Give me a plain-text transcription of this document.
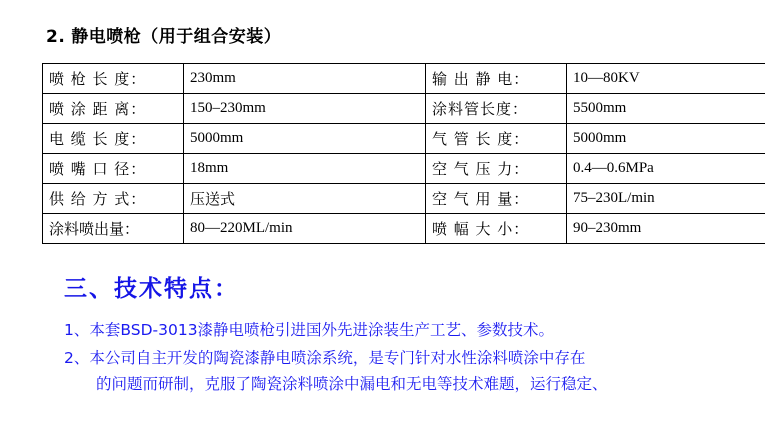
2. 静电喷枪（用于组合安装）
喷 枪 长 度：	230mm	输 出 静 电：	10—80KV
喷 涂 距 离：	150–230mm	涂料管长度：	5500mm
电 缆 长 度：	5000mm	气 管 长 度：	5000mm
喷 嘴 口 径：	18mm	空 气 压 力：	0.4—0.6MPa
供 给 方 式：	压送式	空 气 用 量：	75–230L/min
涂料喷出量：	80—220ML/min	喷 幅 大 小：	90–230mm
三、技术特点：
1、本套BSD-3013漆静电喷枪引进国外先进涂装生产工艺、参数技术。
2、本公司自主开发的陶瓷漆静电喷涂系统，是专门针对水性涂料喷涂中存在
的问题而研制，克服了陶瓷涂料喷涂中漏电和无电等技术难题，运行稳定、
